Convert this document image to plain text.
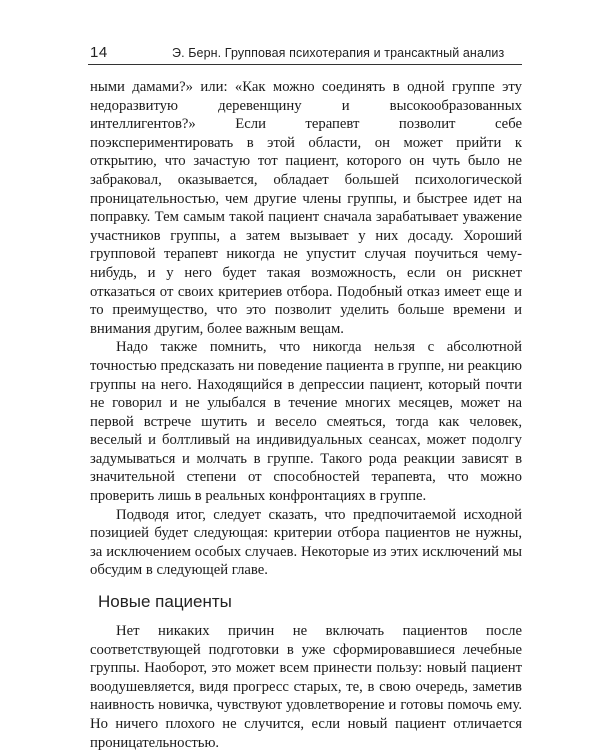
14	Э. Берн. Групповая психотерапия и трансактный анализ

ными дамами?» или: «Как можно соединять в одной группе эту недоразвитую деревенщину и высокообразованных интеллигентов?» Если терапевт позволит себе поэкспериментировать в этой области, он может прийти к открытию, что зачастую тот пациент, которого он чуть было не забраковал, оказывается, обладает большей психологической проницательностью, чем другие члены группы, и быстрее идет на поправку. Тем самым такой пациент сначала зарабатывает уважение участников группы, а затем вызывает у них досаду. Хороший групповой терапевт никогда не упустит случая поучиться чему-нибудь, и у него будет такая возможность, если он рискнет отказаться от своих критериев отбора. Подобный отказ имеет еще и то преимущество, что это позволит уделить больше времени и внимания другим, более важным вещам.

Надо также помнить, что никогда нельзя с абсолютной точностью предсказать ни поведение пациента в группе, ни реакцию группы на него. Находящийся в депрессии пациент, который почти не говорил и не улыбался в течение многих месяцев, может на первой встрече шутить и весело смеяться, тогда как человек, веселый и болтливый на индивидуальных сеансах, может подолгу задумываться и молчать в группе. Такого рода реакции зависят в значительной степени от способностей терапевта, что можно проверить лишь в реальных конфронтациях в группе.

Подводя итог, следует сказать, что предпочитаемой исходной позицией будет следующая: критерии отбора пациентов не нужны, за исключением особых случаев. Некоторые из этих исключений мы обсудим в следующей главе.

Новые пациенты

Нет никаких причин не включать пациентов после соответствующей подготовки в уже сформировавшиеся лечебные группы. Наоборот, это может всем принести пользу: новый пациент воодушевляется, видя прогресс старых, те, в свою очередь, заметив наивность новичка, чувствуют удовлетворение и готовы помочь ему. Но ничего плохого не случится, если новый пациент отличается проницательностью.
